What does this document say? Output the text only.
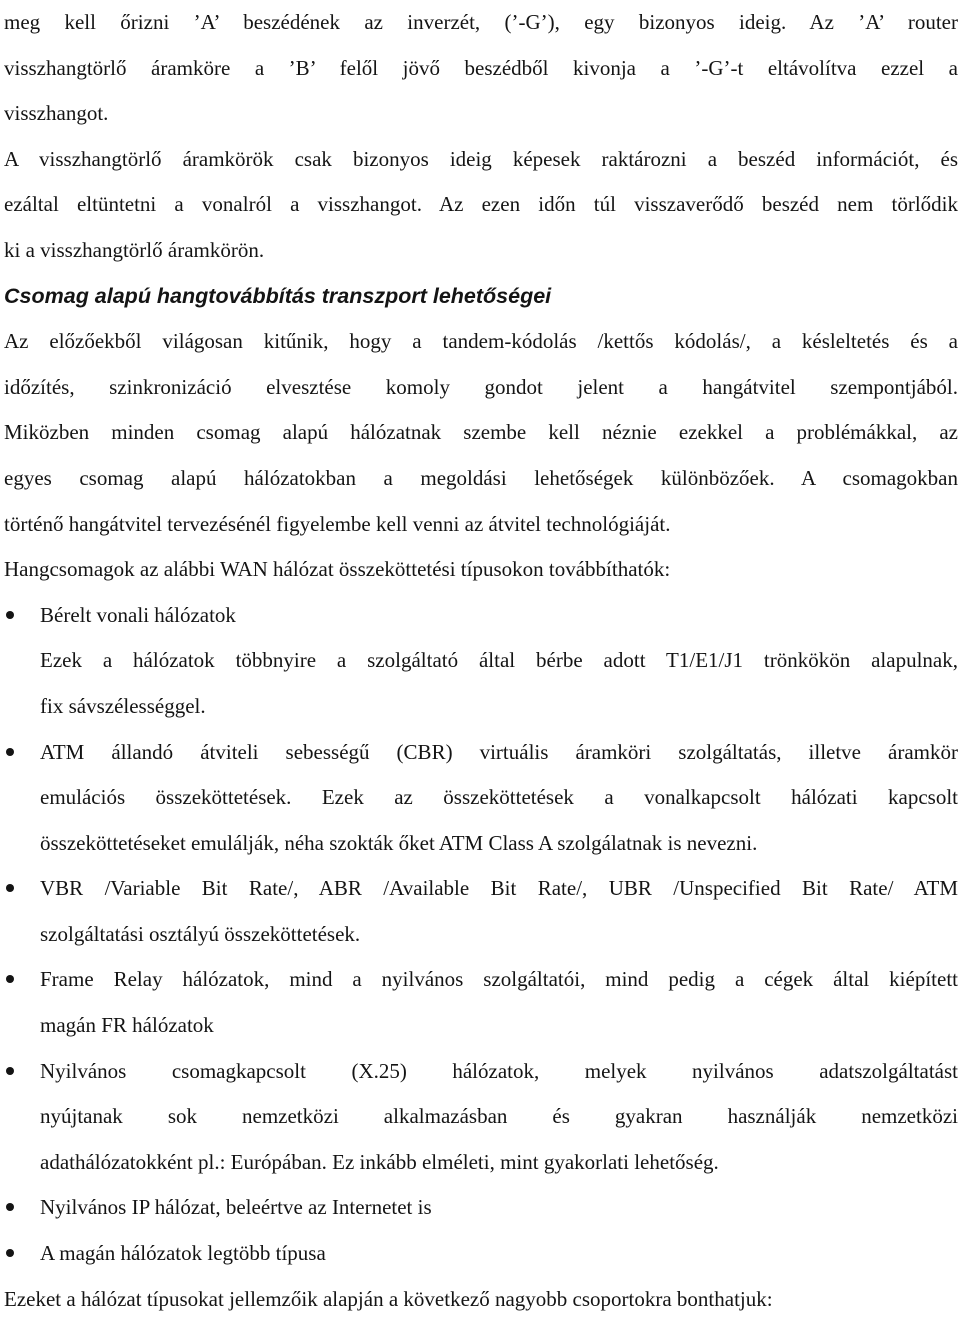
meg kell őrizni ’A’ beszédének az inverzét, (’-G’), egy bizonyos ideig. Az ’A’ router

visszhangtörlő áramköre a ’B’ felől jövő beszédből kivonja a ’-G’-t eltávolítva ezzel a

visszhangot.

A visszhangtörlő áramkörök csak bizonyos ideig képesek raktározni a beszéd információt, és

ezáltal eltüntetni a vonalról a visszhangot. Az ezen időn túl visszaverődő beszéd nem törlődik

ki a visszhangtörlő áramkörön.

Csomag alapú hangtovábbítás transzport lehetőségei

Az előzőekből világosan kitűnik, hogy a tandem-kódolás /kettős kódolás/, a késleltetés és a

időzítés, szinkronizáció elvesztése komoly gondot jelent a hangátvitel szempontjából.

Miközben minden csomag alapú hálózatnak szembe kell néznie ezekkel a problémákkal, az

egyes csomag alapú hálózatokban a megoldási lehetőségek különbözőek. A csomagokban

történő hangátvitel tervezésénél figyelembe kell venni az átvitel technológiáját.

Hangcsomagok az alábbi WAN hálózat összeköttetési típusokon továbbíthatók:

Bérelt vonali hálózatok

Ezek a hálózatok többnyire a szolgáltató által bérbe adott T1/E1/J1 trönkökön alapulnak,

fix sávszélességgel.

ATM állandó átviteli sebességű (CBR) virtuális áramköri szolgáltatás, illetve áramkör

emulációs összeköttetések. Ezek az összeköttetések a vonalkapcsolt hálózati kapcsolt

összeköttetéseket emulálják, néha szokták őket ATM Class A szolgálatnak is nevezni.

VBR /Variable Bit Rate/, ABR /Available Bit Rate/, UBR /Unspecified Bit Rate/ ATM

szolgáltatási osztályú összeköttetések.

Frame Relay hálózatok, mind a nyilvános szolgáltatói, mind pedig a cégek által kiépített

magán FR hálózatok

Nyilvános csomagkapcsolt (X.25) hálózatok, melyek nyilvános adatszolgáltatást

nyújtanak sok nemzetközi alkalmazásban és gyakran használják nemzetközi

adathálózatokként pl.: Európában. Ez inkább elméleti, mint gyakorlati lehetőség.

Nyilvános IP hálózat, beleértve az Internetet is

A magán hálózatok legtöbb típusa

Ezeket a hálózat típusokat jellemzőik alapján a következő nagyobb csoportokra bonthatjuk:
